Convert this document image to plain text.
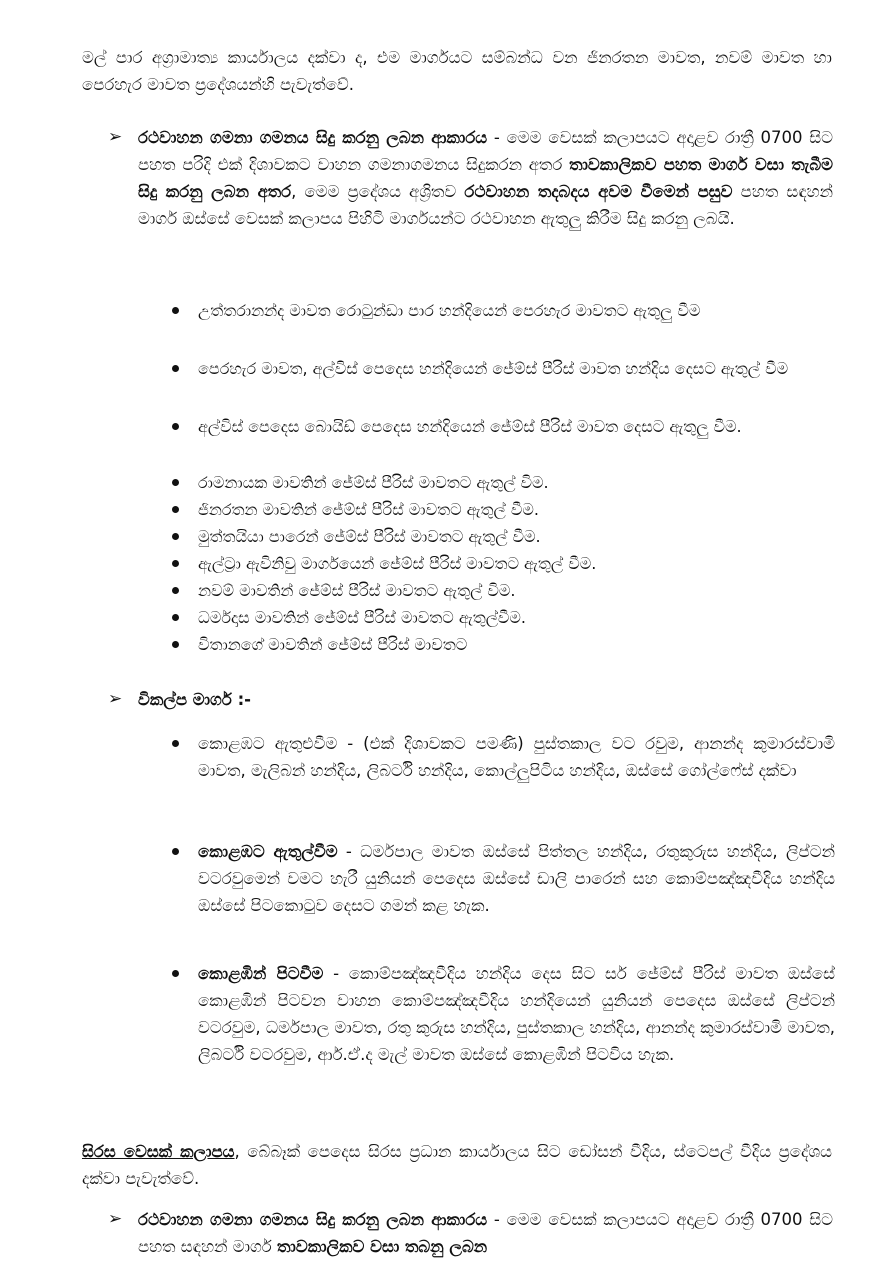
මල් පාර අග්‍රාමාත්‍ය කාර්යාලය දක්වා ද, එම මාර්ගයට සම්බන්ධ වන ජිනරතන මාවත, නවම් මාවත හා පෙරහැර මාවත ප්‍රදේශයන්හි පැවැත්වේ.
➢ රථවාහන ගමනා ගමනය සිදු කරනු ලබන ආකාරය - මෙම වෙසක් කලාපයට අදාළව රාත්‍රී 0700 සිට පහත පරිදි එක් දිශාවකට වාහන ගමනාගමනය සිදුකරන අතර තාවකාලිකව පහත මාර්ග වසා තැබීම සිදු කරනු ලබන අතර, මෙම ප්‍රදේශය අශ්‍රිතව රථවාහන තදබදය අවම වීමෙන් පසුව පහත සඳහන් මාර්ග ඔස්සේ වෙසක් කලාපය පිහිටි මාර්ගයන්ට රථවාහන ඇතුලු කිරීම සිදු කරනු ලබයි.
උත්තරානන්ද මාවත රොටුන්ඩා පාර හන්දියෙන් පෙරහැර මාවතට ඇතුලු වීම
පෙරහැර මාවත, අල්විස් පෙදෙස හන්දියෙන් ජේම්ස් පීරිස් මාවත හන්දිය දෙසට ඇතුල් වීම
අල්විස් පෙදෙස බොයිඩ් පෙදෙස හන්දියෙන් ජේම්ස් පීරිස් මාවත දෙසට ඇතුලු වීම.
රාමනායක මාවතින් ජේම්ස් පීරිස් මාවතට ඇතුල් විම.
ජිනරතන මාවතින් ජේම්ස් පීරිස් මාවතට ඇතුල් වීම.
මුත්තයියා පාරෙන් ජේම්ස් පීරිස් මාවතට ඇතුල් වීම.
ඇල්ට්‍රා ඇවිනිවු මාර්ගයෙන් ජේම්ස් පීරිස් මාවතට ඇතුල් වීම.
නවම් මාවතින් ජේම්ස් පීරිස් මාවතට ඇතුල් විම.
ධර්මදාස මාවතින් ජේම්ස් පීරිස් මාවතට ඇතුල්වීම.
විතානගේ මාවතින් ජේම්ස් පීරිස් මාවතට
➢ විකල්ප මාර්ග :-
කොළඹට ඇතුළුවීම - (එක් දිශාවකට පමණි) පුස්තකාල වට රවුම, ආනන්ද කුමාරස්වාමි මාවත, මැලිබන් හන්දිය, ලිබර්ටි හන්දිය, කොල්ලුපිටිය හන්දිය, ඔස්සේ ගෝල්ෆේස් දක්වා
කොළඹට ඇතුල්වීම - ධර්මපාල මාවත ඔස්සේ පිත්තල හන්දිය, රතුකුරුස හන්දිය, ලිප්ටන් වටරවුමෙන් වමට හැරී යුනියන් පෙදෙස ඔස්සේ ඩාලි පාරෙන් සහ කොම්පඤ්ඤවීදිය හන්දිය ඔස්සේ පිටකොටුව දෙසට ගමන් කළ හැක.
කොළඹින් පිටවීම - කොම්පඤ්ඤවීදිය හන්දිය දෙස සිට සර් ජේම්ස් පීරිස් මාවත ඔස්සේ කොළඹින් පිටවන වාහන කොම්පඤ්ඤවීදිය හන්දියෙන් යුනියන් පෙදෙස ඔස්සේ ලිප්ටන් වටරවුම, ධර්මපාල මාවත, රතු කුරුස හන්දිය, පුස්තකාල හන්දිය, ආනන්ද කුමාරස්වාමි මාවත, ලිබර්ටි වටරවුම, ආර්.ඒ.ද මැල් මාවත ඔස්සේ කොළඹින් පිටවිය හැක.
සිරස වෙසක් කලාපය, බේබෑක් පෙදෙස සිරස ප්‍රධාන කාර්යාලය සිට ඩෝසන් වීදිය, ස්ටෙපල් වීදිය ප්‍රදේශය දක්වා පැවැත්වේ.
➢ රථවාහන ගමනා ගමනය සිදු කරනු ලබන ආකාරය - මෙම වෙසක් කලාපයට අදාළව රාත්‍රී 0700 සිට පහත සඳහන් මාර්ග තාවකාලිකව වසා තබනු ලබන
